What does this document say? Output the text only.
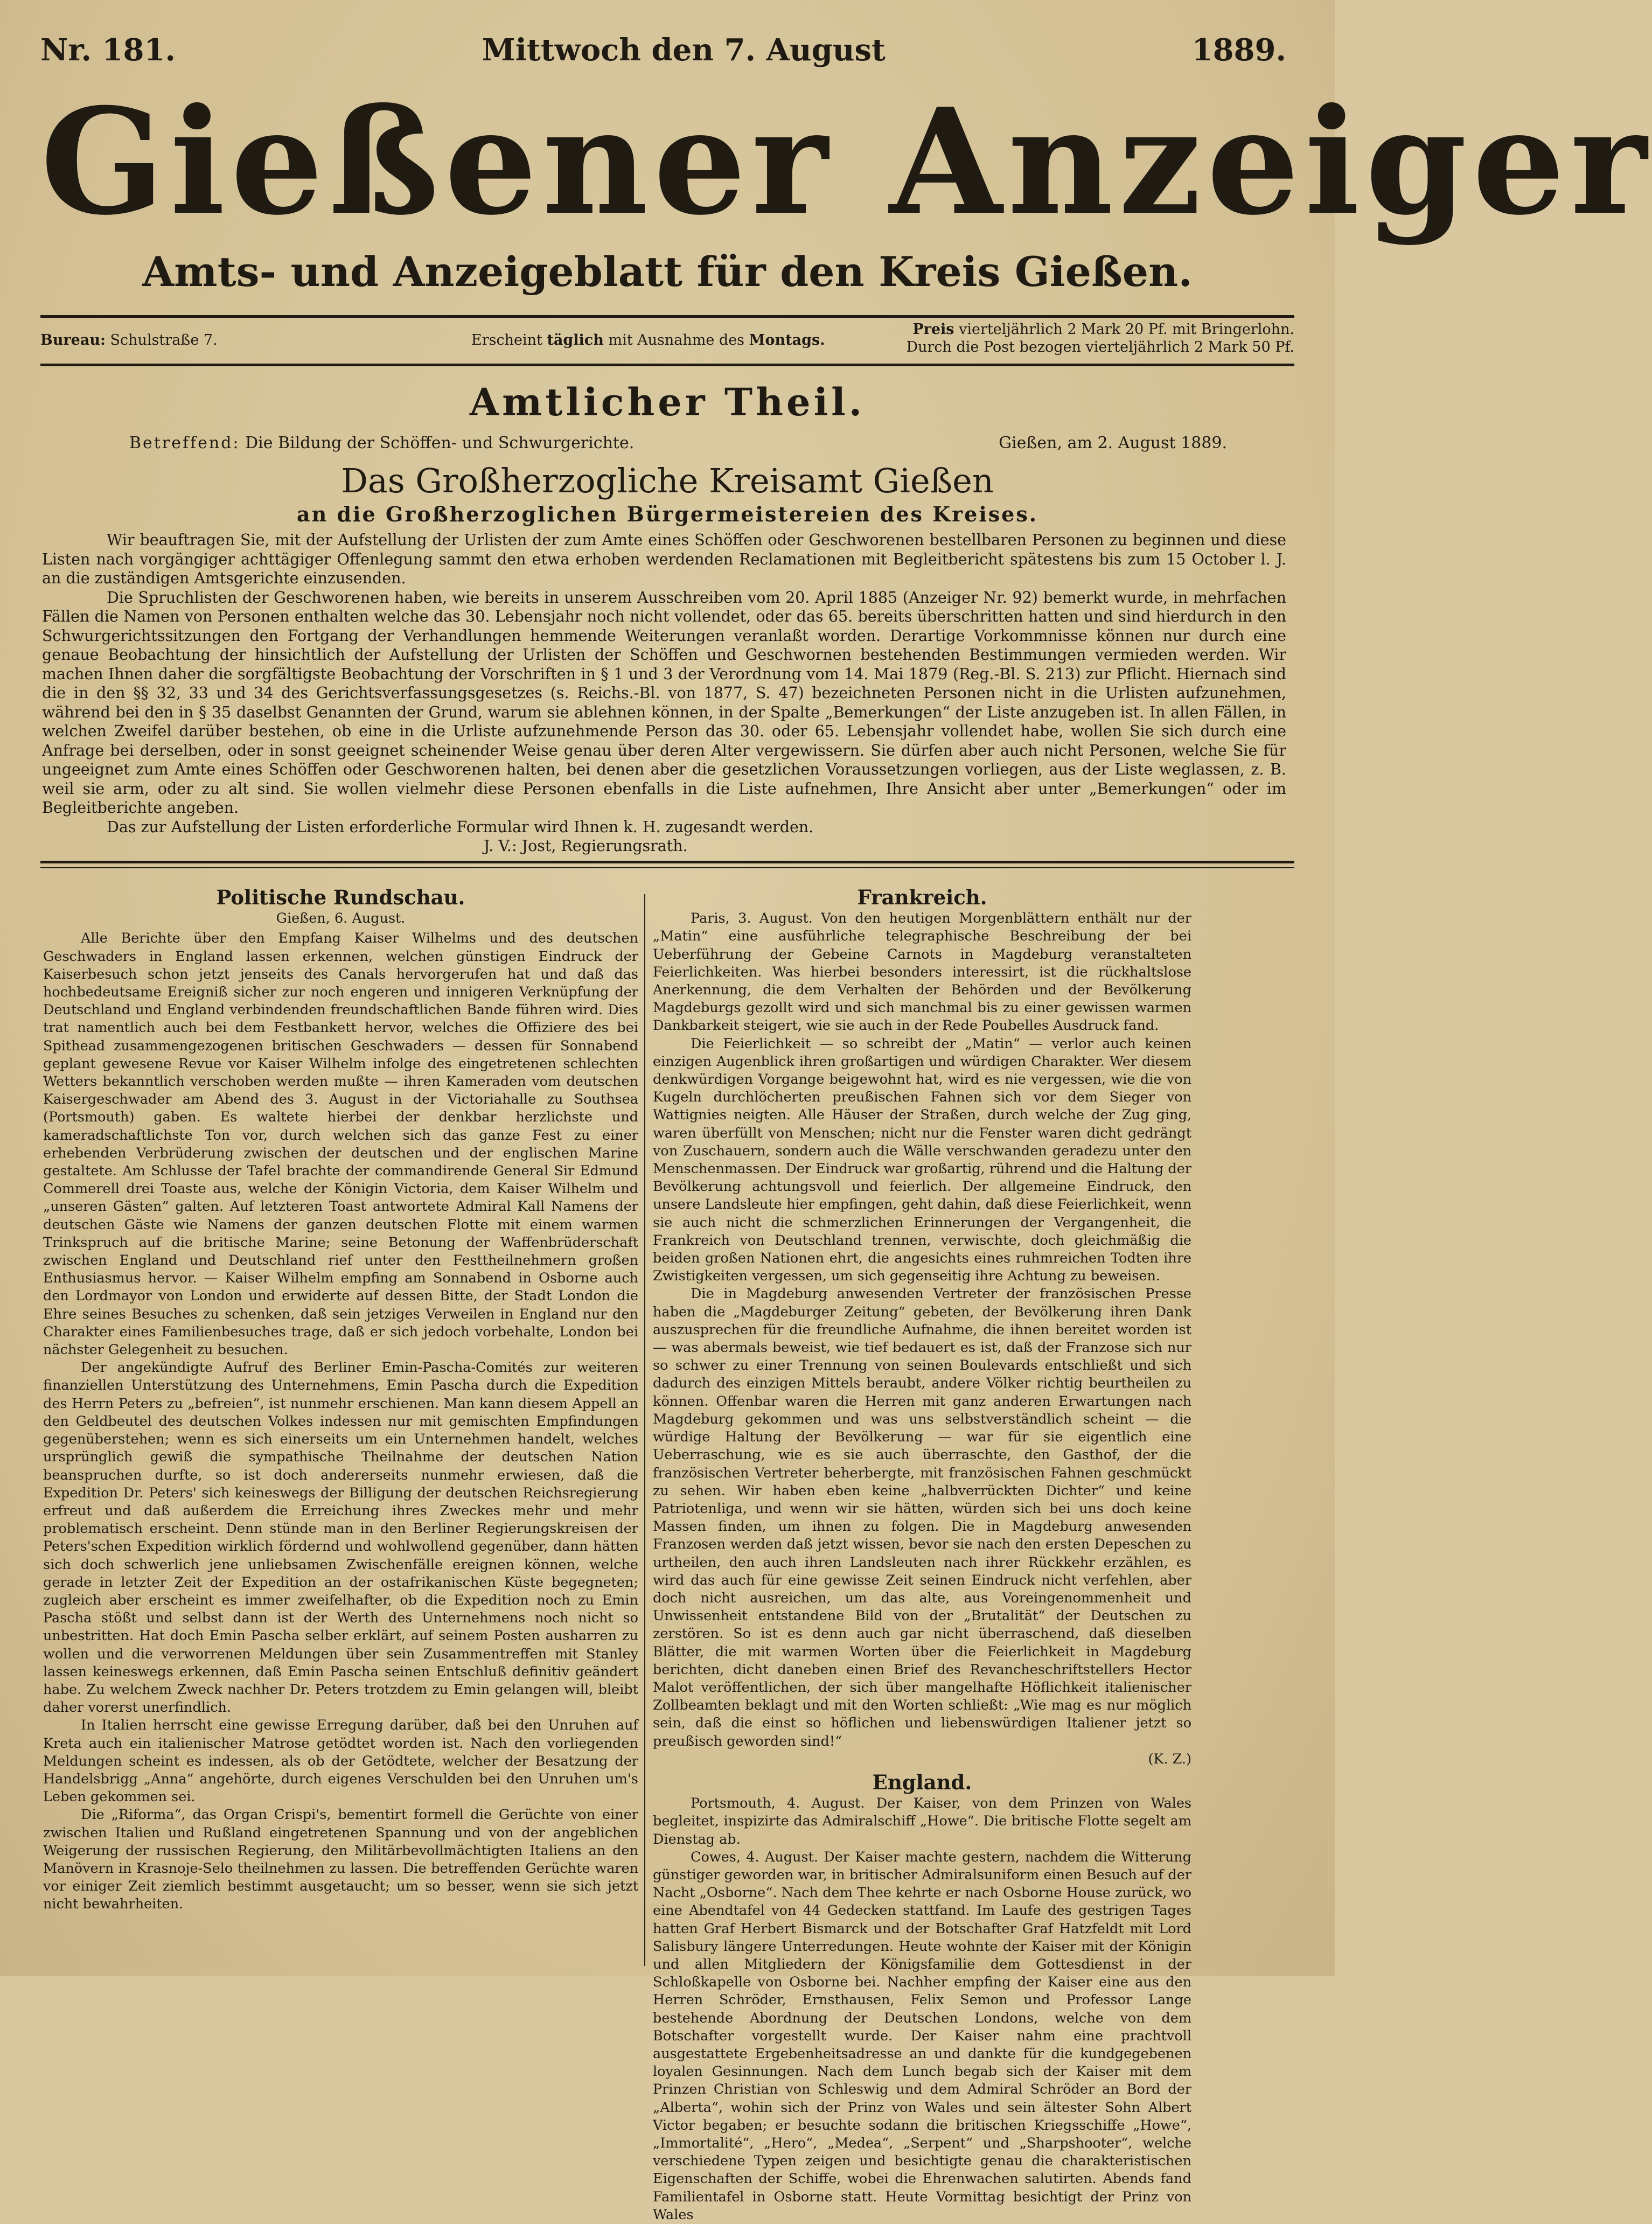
Nr. 181.	Mittwoch den 7. August	1889.
Gießener Anzeiger
Amts- und Anzeigeblatt für den Kreis Gießen.
Bureau: Schulstraße 7.	Erscheint täglich mit Ausnahme des Montags.
Preis vierteljährlich 2 Mark 20 Pf. mit Bringerlohn.
Durch die Post bezogen vierteljährlich 2 Mark 50 Pf.
Amtlicher Theil.
Betreffend: Die Bildung der Schöffen- und Schwurgerichte.	Gießen, am 2. August 1889.
Das Großherzogliche Kreisamt Gießen
an die Großherzoglichen Bürgermeistereien des Kreises.

Wir beauftragen Sie, mit der Aufstellung der Urlisten der zum Amte eines Schöffen oder Geschworenen bestellbaren Personen zu beginnen und diese Listen nach vorgängiger achttägiger Offenlegung sammt den etwa erhoben werdenden Reclamationen mit Begleitbericht spätestens bis zum 15 October l. J. an die zuständigen Amtsgerichte einzusenden.

Die Spruchlisten der Geschworenen haben, wie bereits in unserem Ausschreiben vom 20. April 1885 (Anzeiger Nr. 92) bemerkt wurde, in mehrfachen Fällen die Namen von Personen enthalten welche das 30. Lebensjahr noch nicht vollendet, oder das 65. bereits überschritten hatten und sind hierdurch in den Schwurgerichtssitzungen den Fortgang der Verhandlungen hemmende Weiterungen veranlaßt worden. Derartige Vorkommnisse können nur durch eine genaue Beobachtung der hinsichtlich der Aufstellung der Urlisten der Schöffen und Geschwornen bestehenden Bestimmungen vermieden werden. Wir machen Ihnen daher die sorgfältigste Beobachtung der Vorschriften in § 1 und 3 der Verordnung vom 14. Mai 1879 (Reg.-Bl. S. 213) zur Pflicht. Hiernach sind die in den §§ 32, 33 und 34 des Gerichtsverfassungsgesetzes (s. Reichs.-Bl. von 1877, S. 47) bezeichneten Personen nicht in die Urlisten aufzunehmen, während bei den in § 35 daselbst Genannten der Grund, warum sie ablehnen können, in der Spalte „Bemerkungen“ der Liste anzugeben ist. In allen Fällen, in welchen Zweifel darüber bestehen, ob eine in die Urliste aufzunehmende Person das 30. oder 65. Lebensjahr vollendet habe, wollen Sie sich durch eine Anfrage bei derselben, oder in sonst geeignet scheinender Weise genau über deren Alter vergewissern. Sie dürfen aber auch nicht Personen, welche Sie für ungeeignet zum Amte eines Schöffen oder Geschworenen halten, bei denen aber die gesetzlichen Voraussetzungen vorliegen, aus der Liste weglassen, z. B. weil sie arm, oder zu alt sind. Sie wollen vielmehr diese Personen ebenfalls in die Liste aufnehmen, Ihre Ansicht aber unter „Bemerkungen“ oder im Begleitberichte angeben.

Das zur Aufstellung der Listen erforderliche Formular wird Ihnen k. H. zugesandt werden.

J. V.: Jost, Regierungsrath.

Politische Rundschau.
Gießen, 6. August.

Alle Berichte über den Empfang Kaiser Wilhelms und des deutschen Geschwaders in England lassen erkennen, welchen günstigen Eindruck der Kaiserbesuch schon jetzt jenseits des Canals hervorgerufen hat und daß das hochbedeutsame Ereigniß sicher zur noch engeren und innigeren Verknüpfung der Deutschland und England verbindenden freundschaftlichen Bande führen wird. Dies trat namentlich auch bei dem Festbankett hervor, welches die Offiziere des bei Spithead zusammengezogenen britischen Geschwaders — dessen für Sonnabend geplant gewesene Revue vor Kaiser Wilhelm infolge des eingetretenen schlechten Wetters bekanntlich verschoben werden mußte — ihren Kameraden vom deutschen Kaisergeschwader am Abend des 3. August in der Victoriahalle zu Southsea (Portsmouth) gaben. Es waltete hierbei der denkbar herzlichste und kameradschaftlichste Ton vor, durch welchen sich das ganze Fest zu einer erhebenden Verbrüderung zwischen der deutschen und der englischen Marine gestaltete. Am Schlusse der Tafel brachte der commandirende General Sir Edmund Commerell drei Toaste aus, welche der Königin Victoria, dem Kaiser Wilhelm und „unseren Gästen“ galten. Auf letzteren Toast antwortete Admiral Kall Namens der deutschen Gäste wie Namens der ganzen deutschen Flotte mit einem warmen Trinkspruch auf die britische Marine; seine Betonung der Waffenbrüderschaft zwischen England und Deutschland rief unter den Festtheilnehmern großen Enthusiasmus hervor. — Kaiser Wilhelm empfing am Sonnabend in Osborne auch den Lordmayor von London und erwiderte auf dessen Bitte, der Stadt London die Ehre seines Besuches zu schenken, daß sein jetziges Verweilen in England nur den Charakter eines Familienbesuches trage, daß er sich jedoch vorbehalte, London bei nächster Gelegenheit zu besuchen.

Der angekündigte Aufruf des Berliner Emin-Pascha-Comités zur weiteren finanziellen Unterstützung des Unternehmens, Emin Pascha durch die Expedition des Herrn Peters zu „befreien“, ist nunmehr erschienen. Man kann diesem Appell an den Geldbeutel des deutschen Volkes indessen nur mit gemischten Empfindungen gegenüberstehen; wenn es sich einerseits um ein Unternehmen handelt, welches ursprünglich gewiß die sympathische Theilnahme der deutschen Nation beanspruchen durfte, so ist doch andererseits nunmehr erwiesen, daß die Expedition Dr. Peters' sich keineswegs der Billigung der deutschen Reichsregierung erfreut und daß außerdem die Erreichung ihres Zweckes mehr und mehr problematisch erscheint. Denn stünde man in den Berliner Regierungskreisen der Peters'schen Expedition wirklich fördernd und wohlwollend gegenüber, dann hätten sich doch schwerlich jene unliebsamen Zwischenfälle ereignen können, welche gerade in letzter Zeit der Expedition an der ostafrikanischen Küste begegneten; zugleich aber erscheint es immer zweifelhafter, ob die Expedition noch zu Emin Pascha stößt und selbst dann ist der Werth des Unternehmens noch nicht so unbestritten. Hat doch Emin Pascha selber erklärt, auf seinem Posten ausharren zu wollen und die verworrenen Meldungen über sein Zusammentreffen mit Stanley lassen keineswegs erkennen, daß Emin Pascha seinen Entschluß definitiv geändert habe. Zu welchem Zweck nachher Dr. Peters trotzdem zu Emin gelangen will, bleibt daher vorerst unerfindlich.

In Italien herrscht eine gewisse Erregung darüber, daß bei den Unruhen auf Kreta auch ein italienischer Matrose getödtet worden ist. Nach den vorliegenden Meldungen scheint es indessen, als ob der Getödtete, welcher der Besatzung der Handelsbrigg „Anna“ angehörte, durch eigenes Verschulden bei den Unruhen um's Leben gekommen sei.

Die „Riforma“, das Organ Crispi's, bementirt formell die Gerüchte von einer zwischen Italien und Rußland eingetretenen Spannung und von der angeblichen Weigerung der russischen Regierung, den Militärbevollmächtigten Italiens an den Manövern in Krasnoje-Selo theilnehmen zu lassen. Die betreffenden Gerüchte waren vor einiger Zeit ziemlich bestimmt ausgetaucht; um so besser, wenn sie sich jetzt nicht bewahrheiten.

Frankreich.

Paris, 3. August. Von den heutigen Morgenblättern enthält nur der „Matin“ eine ausführliche telegraphische Beschreibung der bei Ueberführung der Gebeine Carnots in Magdeburg veranstalteten Feierlichkeiten. Was hierbei besonders interessirt, ist die rückhaltslose Anerkennung, die dem Verhalten der Behörden und der Bevölkerung Magdeburgs gezollt wird und sich manchmal bis zu einer gewissen warmen Dankbarkeit steigert, wie sie auch in der Rede Poubelles Ausdruck fand.

Die Feierlichkeit — so schreibt der „Matin“ — verlor auch keinen einzigen Augenblick ihren großartigen und würdigen Charakter. Wer diesem denkwürdigen Vorgange beigewohnt hat, wird es nie vergessen, wie die von Kugeln durchlöcherten preußischen Fahnen sich vor dem Sieger von Wattignies neigten. Alle Häuser der Straßen, durch welche der Zug ging, waren überfüllt von Menschen; nicht nur die Fenster waren dicht gedrängt von Zuschauern, sondern auch die Wälle verschwanden geradezu unter den Menschenmassen. Der Eindruck war großartig, rührend und die Haltung der Bevölkerung achtungsvoll und feierlich. Der allgemeine Eindruck, den unsere Landsleute hier empfingen, geht dahin, daß diese Feierlichkeit, wenn sie auch nicht die schmerzlichen Erinnerungen der Vergangenheit, die Frankreich von Deutschland trennen, verwischte, doch gleichmäßig die beiden großen Nationen ehrt, die angesichts eines ruhmreichen Todten ihre Zwistigkeiten vergessen, um sich gegenseitig ihre Achtung zu beweisen.

Die in Magdeburg anwesenden Vertreter der französischen Presse haben die „Magdeburger Zeitung“ gebeten, der Bevölkerung ihren Dank auszusprechen für die freundliche Aufnahme, die ihnen bereitet worden ist — was abermals beweist, wie tief bedauert es ist, daß der Franzose sich nur so schwer zu einer Trennung von seinen Boulevards entschließt und sich dadurch des einzigen Mittels beraubt, andere Völker richtig beurtheilen zu können. Offenbar waren die Herren mit ganz anderen Erwartungen nach Magdeburg gekommen und was uns selbstverständlich scheint — die würdige Haltung der Bevölkerung — war für sie eigentlich eine Ueberraschung, wie es sie auch überraschte, den Gasthof, der die französischen Vertreter beherbergte, mit französischen Fahnen geschmückt zu sehen. Wir haben eben keine „halbverrückten Dichter“ und keine Patriotenliga, und wenn wir sie hätten, würden sich bei uns doch keine Massen finden, um ihnen zu folgen. Die in Magdeburg anwesenden Franzosen werden daß jetzt wissen, bevor sie nach den ersten Depeschen zu urtheilen, den auch ihren Landsleuten nach ihrer Rückkehr erzählen, es wird das auch für eine gewisse Zeit seinen Eindruck nicht verfehlen, aber doch nicht ausreichen, um das alte, aus Voreingenommenheit und Unwissenheit entstandene Bild von der „Brutalität“ der Deutschen zu zerstören. So ist es denn auch gar nicht überraschend, daß dieselben Blätter, die mit warmen Worten über die Feierlichkeit in Magdeburg berichten, dicht daneben einen Brief des Revancheschriftstellers Hector Malot veröffentlichen, der sich über mangelhafte Höflichkeit italienischer Zollbeamten beklagt und mit den Worten schließt: „Wie mag es nur möglich sein, daß die einst so höflichen und liebenswürdigen Italiener jetzt so preußisch geworden sind!“

(K. Z.)
England.

Portsmouth, 4. August. Der Kaiser, von dem Prinzen von Wales begleitet, inspizirte das Admiralschiff „Howe“. Die britische Flotte segelt am Dienstag ab.

Cowes, 4. August. Der Kaiser machte gestern, nachdem die Witterung günstiger geworden war, in britischer Admiralsuniform einen Besuch auf der Nacht „Osborne“. Nach dem Thee kehrte er nach Osborne House zurück, wo eine Abendtafel von 44 Gedecken stattfand. Im Laufe des gestrigen Tages hatten Graf Herbert Bismarck und der Botschafter Graf Hatzfeldt mit Lord Salisbury längere Unterredungen. Heute wohnte der Kaiser mit der Königin und allen Mitgliedern der Königsfamilie dem Gottesdienst in der Schloßkapelle von Osborne bei. Nachher empfing der Kaiser eine aus den Herren Schröder, Ernsthausen, Felix Semon und Professor Lange bestehende Abordnung der Deutschen Londons, welche von dem Botschafter vorgestellt wurde. Der Kaiser nahm eine prachtvoll ausgestattete Ergebenheitsadresse an und dankte für die kundgegebenen loyalen Gesinnungen. Nach dem Lunch begab sich der Kaiser mit dem Prinzen Christian von Schleswig und dem Admiral Schröder an Bord der „Alberta“, wohin sich der Prinz von Wales und sein ältester Sohn Albert Victor begaben; er besuchte sodann die britischen Kriegsschiffe „Howe“, „Immortalité“, „Hero“, „Medea“, „Serpent“ und „Sharpshooter“, welche verschiedene Typen zeigen und besichtigte genau die charakteristischen Eigenschaften der Schiffe, wobei die Ehrenwachen salutirten. Abends fand Familientafel in Osborne statt. Heute Vormittag besichtigt der Prinz von Wales
